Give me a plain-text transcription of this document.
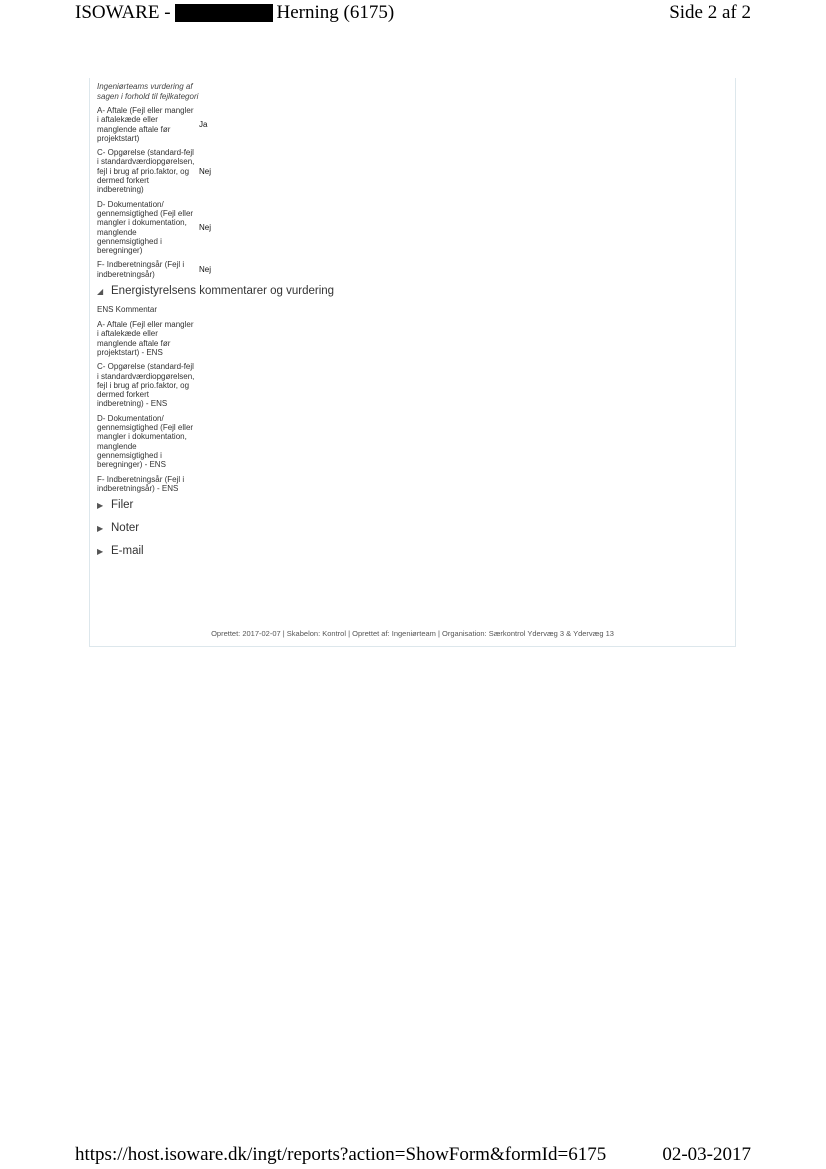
ISOWARE -	Herning (6175)	Side 2 af 2
Ingeniørteams vurdering af sagen i forhold til fejlkategori
A- Aftale (Fejl eller mangler i aftalekæde eller manglende aftale før projektstart)
Ja
C- Opgørelse (standard-fejl i standardværdiopgørelsen, fejl i brug af prio.faktor, og dermed forkert indberetning)
Nej
D- Dokumentation/ gennemsigtighed (Fejl eller mangler i dokumentation, manglende gennemsigtighed i beregninger)
Nej
F- Indberetningsår (Fejl i indberetningsår)	Nej
◢ Energistyrelsens kommentarer og vurdering
ENS Kommentar
A- Aftale (Fejl eller mangler i aftalekæde eller manglende aftale før projektstart) - ENS
C- Opgørelse (standard-fejl i standardværdiopgørelsen, fejl i brug af prio.faktor, og dermed forkert indberetning) - ENS
D- Dokumentation/ gennemsigtighed (Fejl eller mangler i dokumentation, manglende gennemsigtighed i beregninger) - ENS
F- Indberetningsår (Fejl i indberetningsår) - ENS
▶ Filer
▶ Noter
▶ E-mail
Oprettet: 2017-02-07 | Skabelon: Kontrol | Oprettet af: Ingeniørteam | Organisation: Særkontrol Ydervæg 3 & Ydervæg 13
https://host.isoware.dk/ingt/reports?action=ShowForm&formId=6175	02-03-2017
